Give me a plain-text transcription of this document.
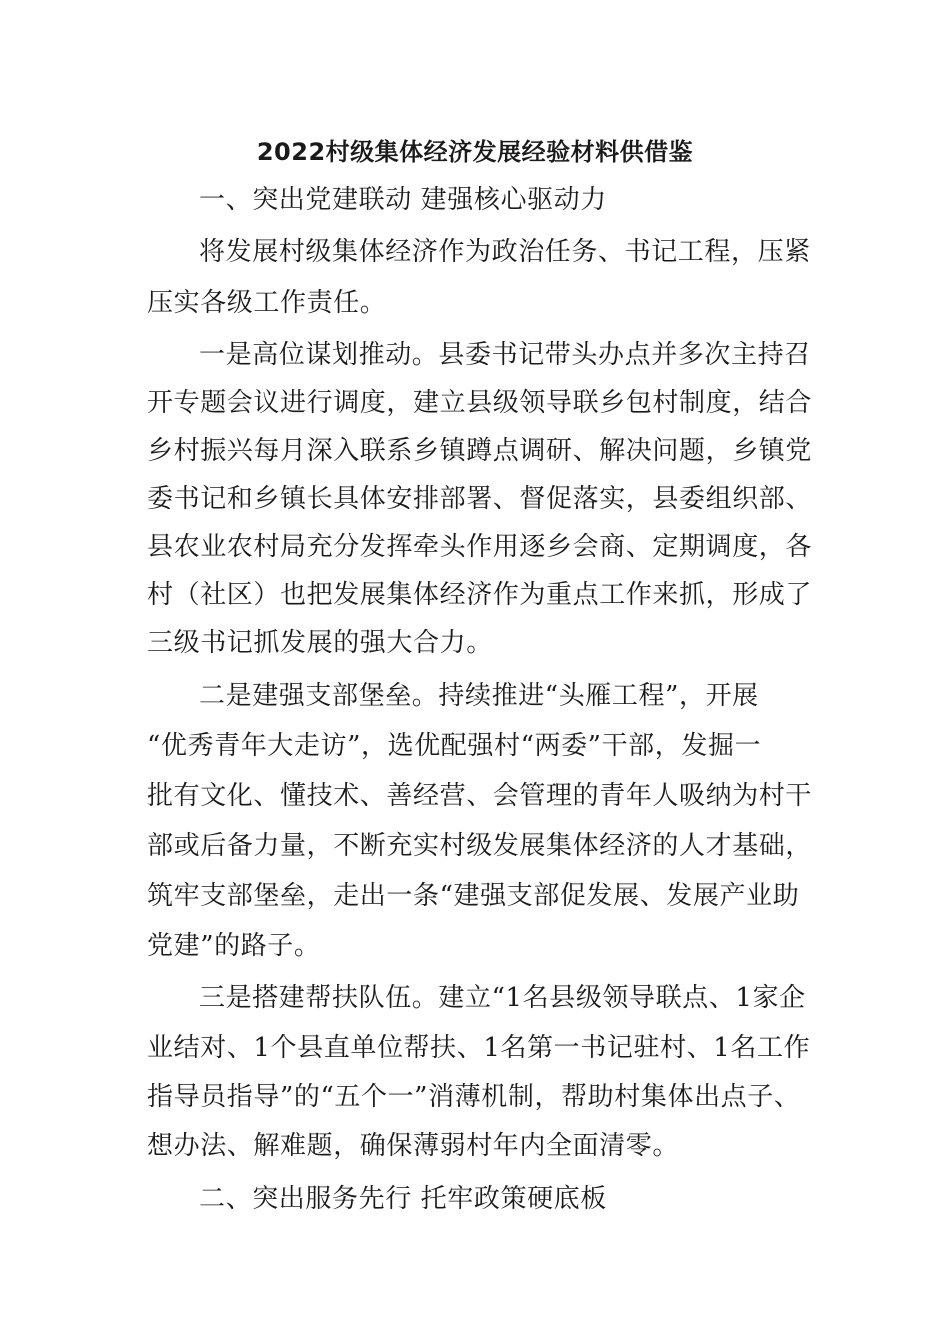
2022村级集体经济发展经验材料供借鉴
一、突出党建联动 建强核心驱动力
将发展村级集体经济作为政治任务、书记工程，压紧
压实各级工作责任。
一是高位谋划推动。县委书记带头办点并多次主持召
开专题会议进行调度，建立县级领导联乡包村制度，结合
乡村振兴每月深入联系乡镇蹲点调研、解决问题，乡镇党
委书记和乡镇长具体安排部署、督促落实，县委组织部、
县农业农村局充分发挥牵头作用逐乡会商、定期调度，各
村（社区）也把发展集体经济作为重点工作来抓，形成了
三级书记抓发展的强大合力。
二是建强支部堡垒。持续推进“头雁工程”，开展
“优秀青年大走访”，选优配强村“两委”干部，发掘一
批有文化、懂技术、善经营、会管理的青年人吸纳为村干
部或后备力量，不断充实村级发展集体经济的人才基础，
筑牢支部堡垒，走出一条“建强支部促发展、发展产业助
党建”的路子。
三是搭建帮扶队伍。建立“1名县级领导联点、1家企
业结对、1个县直单位帮扶、1名第一书记驻村、1名工作
指导员指导”的“五个一”消薄机制，帮助村集体出点子、
想办法、解难题，确保薄弱村年内全面清零。
二、突出服务先行 托牢政策硬底板
